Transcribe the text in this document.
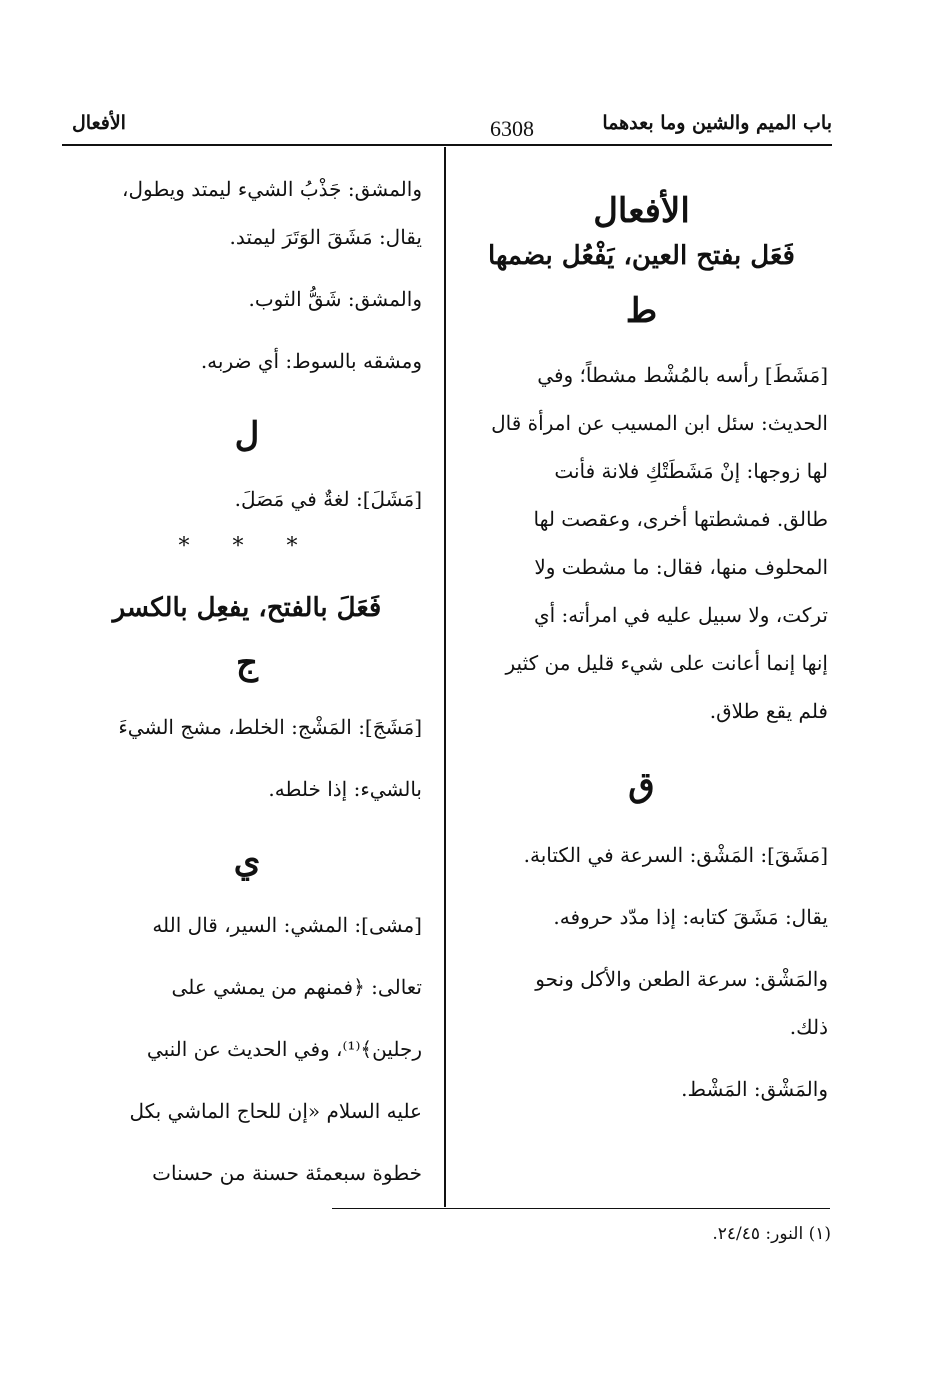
الأفعال	6308	باب الميم والشين وما بعدهما
الأفعال
فَعَل بفتح العين، يَفْعُل بضمها
ط

[مَشَطَ] رأسه بالمُشْط مشطاً؛ وفي

الحديث: سئل ابن المسيب عن امرأة قال

لها زوجها: إنْ مَشَطَتْكِ فلانة فأنت

طالق. فمشطتها أخرى، وعقصت لها

المحلوف منها، فقال: ما مشطت ولا

تركت، ولا سبيل عليه في امرأته: أي

إنها إنما أعانت على شيء قليل من كثير

فلم يقع طلاق.

ق

[مَشَقَ]: المَشْق: السرعة في الكتابة.

يقال: مَشَقَ كتابه: إذا مدّد حروفه.

والمَشْق: سرعة الطعن والأكل ونحو

ذلك.

والمَشْق: المَشْط.

والمشق: جَذْبُ الشيء ليمتد ويطول،

يقال: مَشَقَ الوَتَرَ ليمتد.

والمشق: شَقُّ الثوب.

ومشقه بالسوط: أي ضربه.

ل

[مَشَلَ]: لغةٌ في مَصَلَ.

* * *
فَعَلَ بالفتح، يفعِل بالكسر
ج

[مَشَجَ]: المَشْج: الخلط، مشج الشيءَ

بالشيء: إذا خلطه.

ي

[مشى]: المشي: السير، قال الله

تعالى: ﴿فمنهم من يمشي على

رجلين﴾⁽¹⁾، وفي الحديث عن النبي

عليه السلام «إن للحاج الماشي بكل

خطوة سبعمئة حسنة من حسنات

(١) النور: ٢٤/٤٥.
